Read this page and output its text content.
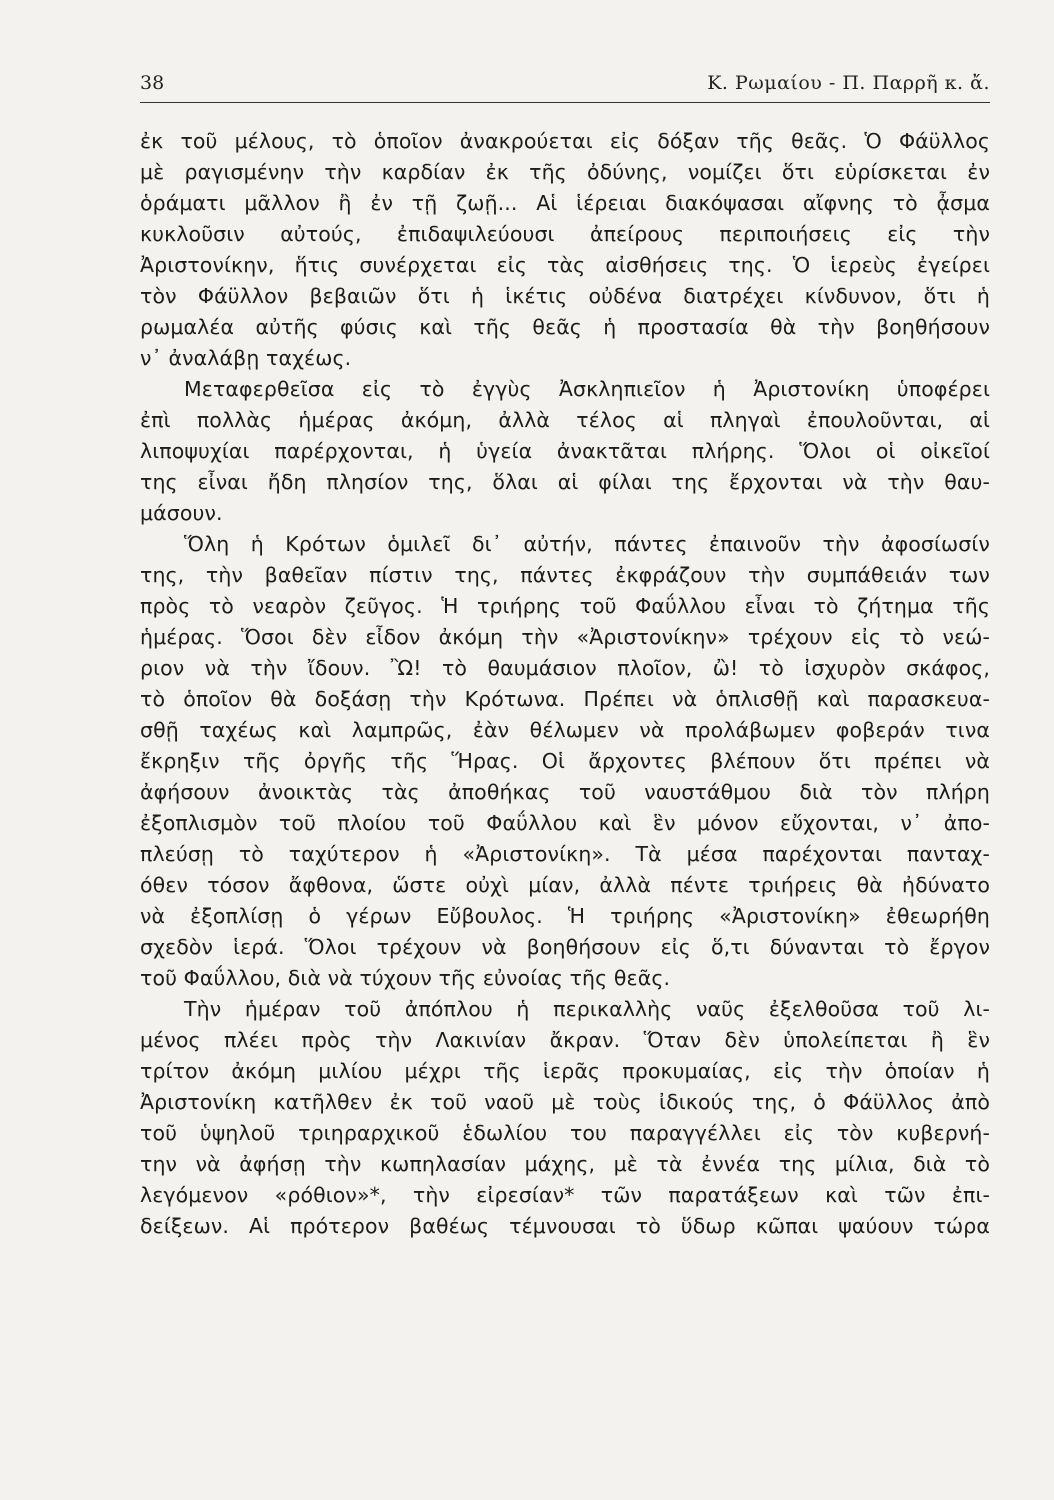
38	Κ. Ρωμαίου - Π. Παρρῆ κ. ἄ.
ἐκ τοῦ μέλους, τὸ ὁποῖον ἀνακρούεται εἰς δόξαν τῆς θεᾶς. Ὁ Φάϋλλος
μὲ ραγισμένην τὴν καρδίαν ἐκ τῆς ὀδύνης, νομίζει ὅτι εὑρίσκεται ἐν
ὁράματι μᾶλλον ἢ ἐν τῇ ζωῇ... Αἱ ἱέρειαι διακόψασαι αἴφνης τὸ ᾆσμα
κυκλοῦσιν αὐτούς, ἐπιδαψιλεύουσι ἀπείρους περιποιήσεις εἰς τὴν
Ἀριστονίκην, ἥτις συνέρχεται εἰς τὰς αἰσθήσεις της. Ὁ ἱερεὺς ἐγείρει
τὸν Φάϋλλον βεβαιῶν ὅτι ἡ ἱκέτις οὐδένα διατρέχει κίνδυνον, ὅτι ἡ
ρωμαλέα αὐτῆς φύσις καὶ τῆς θεᾶς ἡ προστασία θὰ τὴν βοηθήσουν
ν᾽ ἀναλάβῃ ταχέως.
Μεταφερθεῖσα εἰς τὸ ἐγγὺς Ἀσκληπιεῖον ἡ Ἀριστονίκη ὑποφέρει
ἐπὶ πολλὰς ἡμέρας ἀκόμη, ἀλλὰ τέλος αἱ πληγαὶ ἐπουλοῦνται, αἱ
λιποψυχίαι παρέρχονται, ἡ ὑγεία ἀνακτᾶται πλήρης. Ὅλοι οἱ οἰκεῖοί
της εἶναι ἤδη πλησίον της, ὅλαι αἱ φίλαι της ἔρχονται νὰ τὴν θαυ-
μάσουν.
Ὅλη ἡ Κρότων ὁμιλεῖ δι᾽ αὐτήν, πάντες ἐπαινοῦν τὴν ἀφοσίωσίν
της, τὴν βαθεῖαν πίστιν της, πάντες ἐκφράζουν τὴν συμπάθειάν των
πρὸς τὸ νεαρὸν ζεῦγος. Ἡ τριήρης τοῦ Φαΰλλου εἶναι τὸ ζήτημα τῆς
ἡμέρας. Ὅσοι δὲν εἶδον ἀκόμη τὴν «Ἀριστονίκην» τρέχουν εἰς τὸ νεώ-
ριον νὰ τὴν ἴδουν. Ὢ! τὸ θαυμάσιον πλοῖον, ὢ! τὸ ἰσχυρὸν σκάφος,
τὸ ὁποῖον θὰ δοξάσῃ τὴν Κρότωνα. Πρέπει νὰ ὁπλισθῇ καὶ παρασκευα-
σθῇ ταχέως καὶ λαμπρῶς, ἐὰν θέλωμεν νὰ προλάβωμεν φοβεράν τινα
ἔκρηξιν τῆς ὀργῆς τῆς Ἥρας. Οἱ ἄρχοντες βλέπουν ὅτι πρέπει νὰ
ἀφήσουν ἀνοικτὰς τὰς ἀποθήκας τοῦ ναυστάθμου διὰ τὸν πλήρη
ἐξοπλισμὸν τοῦ πλοίου τοῦ Φαΰλλου καὶ ἓν μόνον εὔχονται, ν᾽ ἀπο-
πλεύσῃ τὸ ταχύτερον ἡ «Ἀριστονίκη». Τὰ μέσα παρέχονται πανταχ-
όθεν τόσον ἄφθονα, ὥστε οὐχὶ μίαν, ἀλλὰ πέντε τριήρεις θὰ ἠδύνατο
νὰ ἐξοπλίσῃ ὁ γέρων Εὔβουλος. Ἡ τριήρης «Ἀριστονίκη» ἐθεωρήθη
σχεδὸν ἱερά. Ὅλοι τρέχουν νὰ βοηθήσουν εἰς ὅ,τι δύνανται τὸ ἔργον
τοῦ Φαΰλλου, διὰ νὰ τύχουν τῆς εὐνοίας τῆς θεᾶς.
Τὴν ἡμέραν τοῦ ἀπόπλου ἡ περικαλλὴς ναῦς ἐξελθοῦσα τοῦ λι-
μένος πλέει πρὸς τὴν Λακινίαν ἄκραν. Ὅταν δὲν ὑπολείπεται ἢ ἓν
τρίτον ἀκόμη μιλίου μέχρι τῆς ἱερᾶς προκυμαίας, εἰς τὴν ὁποίαν ἡ
Ἀριστονίκη κατῆλθεν ἐκ τοῦ ναοῦ μὲ τοὺς ἰδικούς της, ὁ Φάϋλλος ἀπὸ
τοῦ ὑψηλοῦ τριηραρχικοῦ ἑδωλίου του παραγγέλλει εἰς τὸν κυβερνή-
την νὰ ἀφήσῃ τὴν κωπηλασίαν μάχης, μὲ τὰ ἐννέα της μίλια, διὰ τὸ
λεγόμενον «ρόθιον»*, τὴν εἰρεσίαν* τῶν παρατάξεων καὶ τῶν ἐπι-
δείξεων. Αἱ πρότερον βαθέως τέμνουσαι τὸ ὕδωρ κῶπαι ψαύουν τώρα
